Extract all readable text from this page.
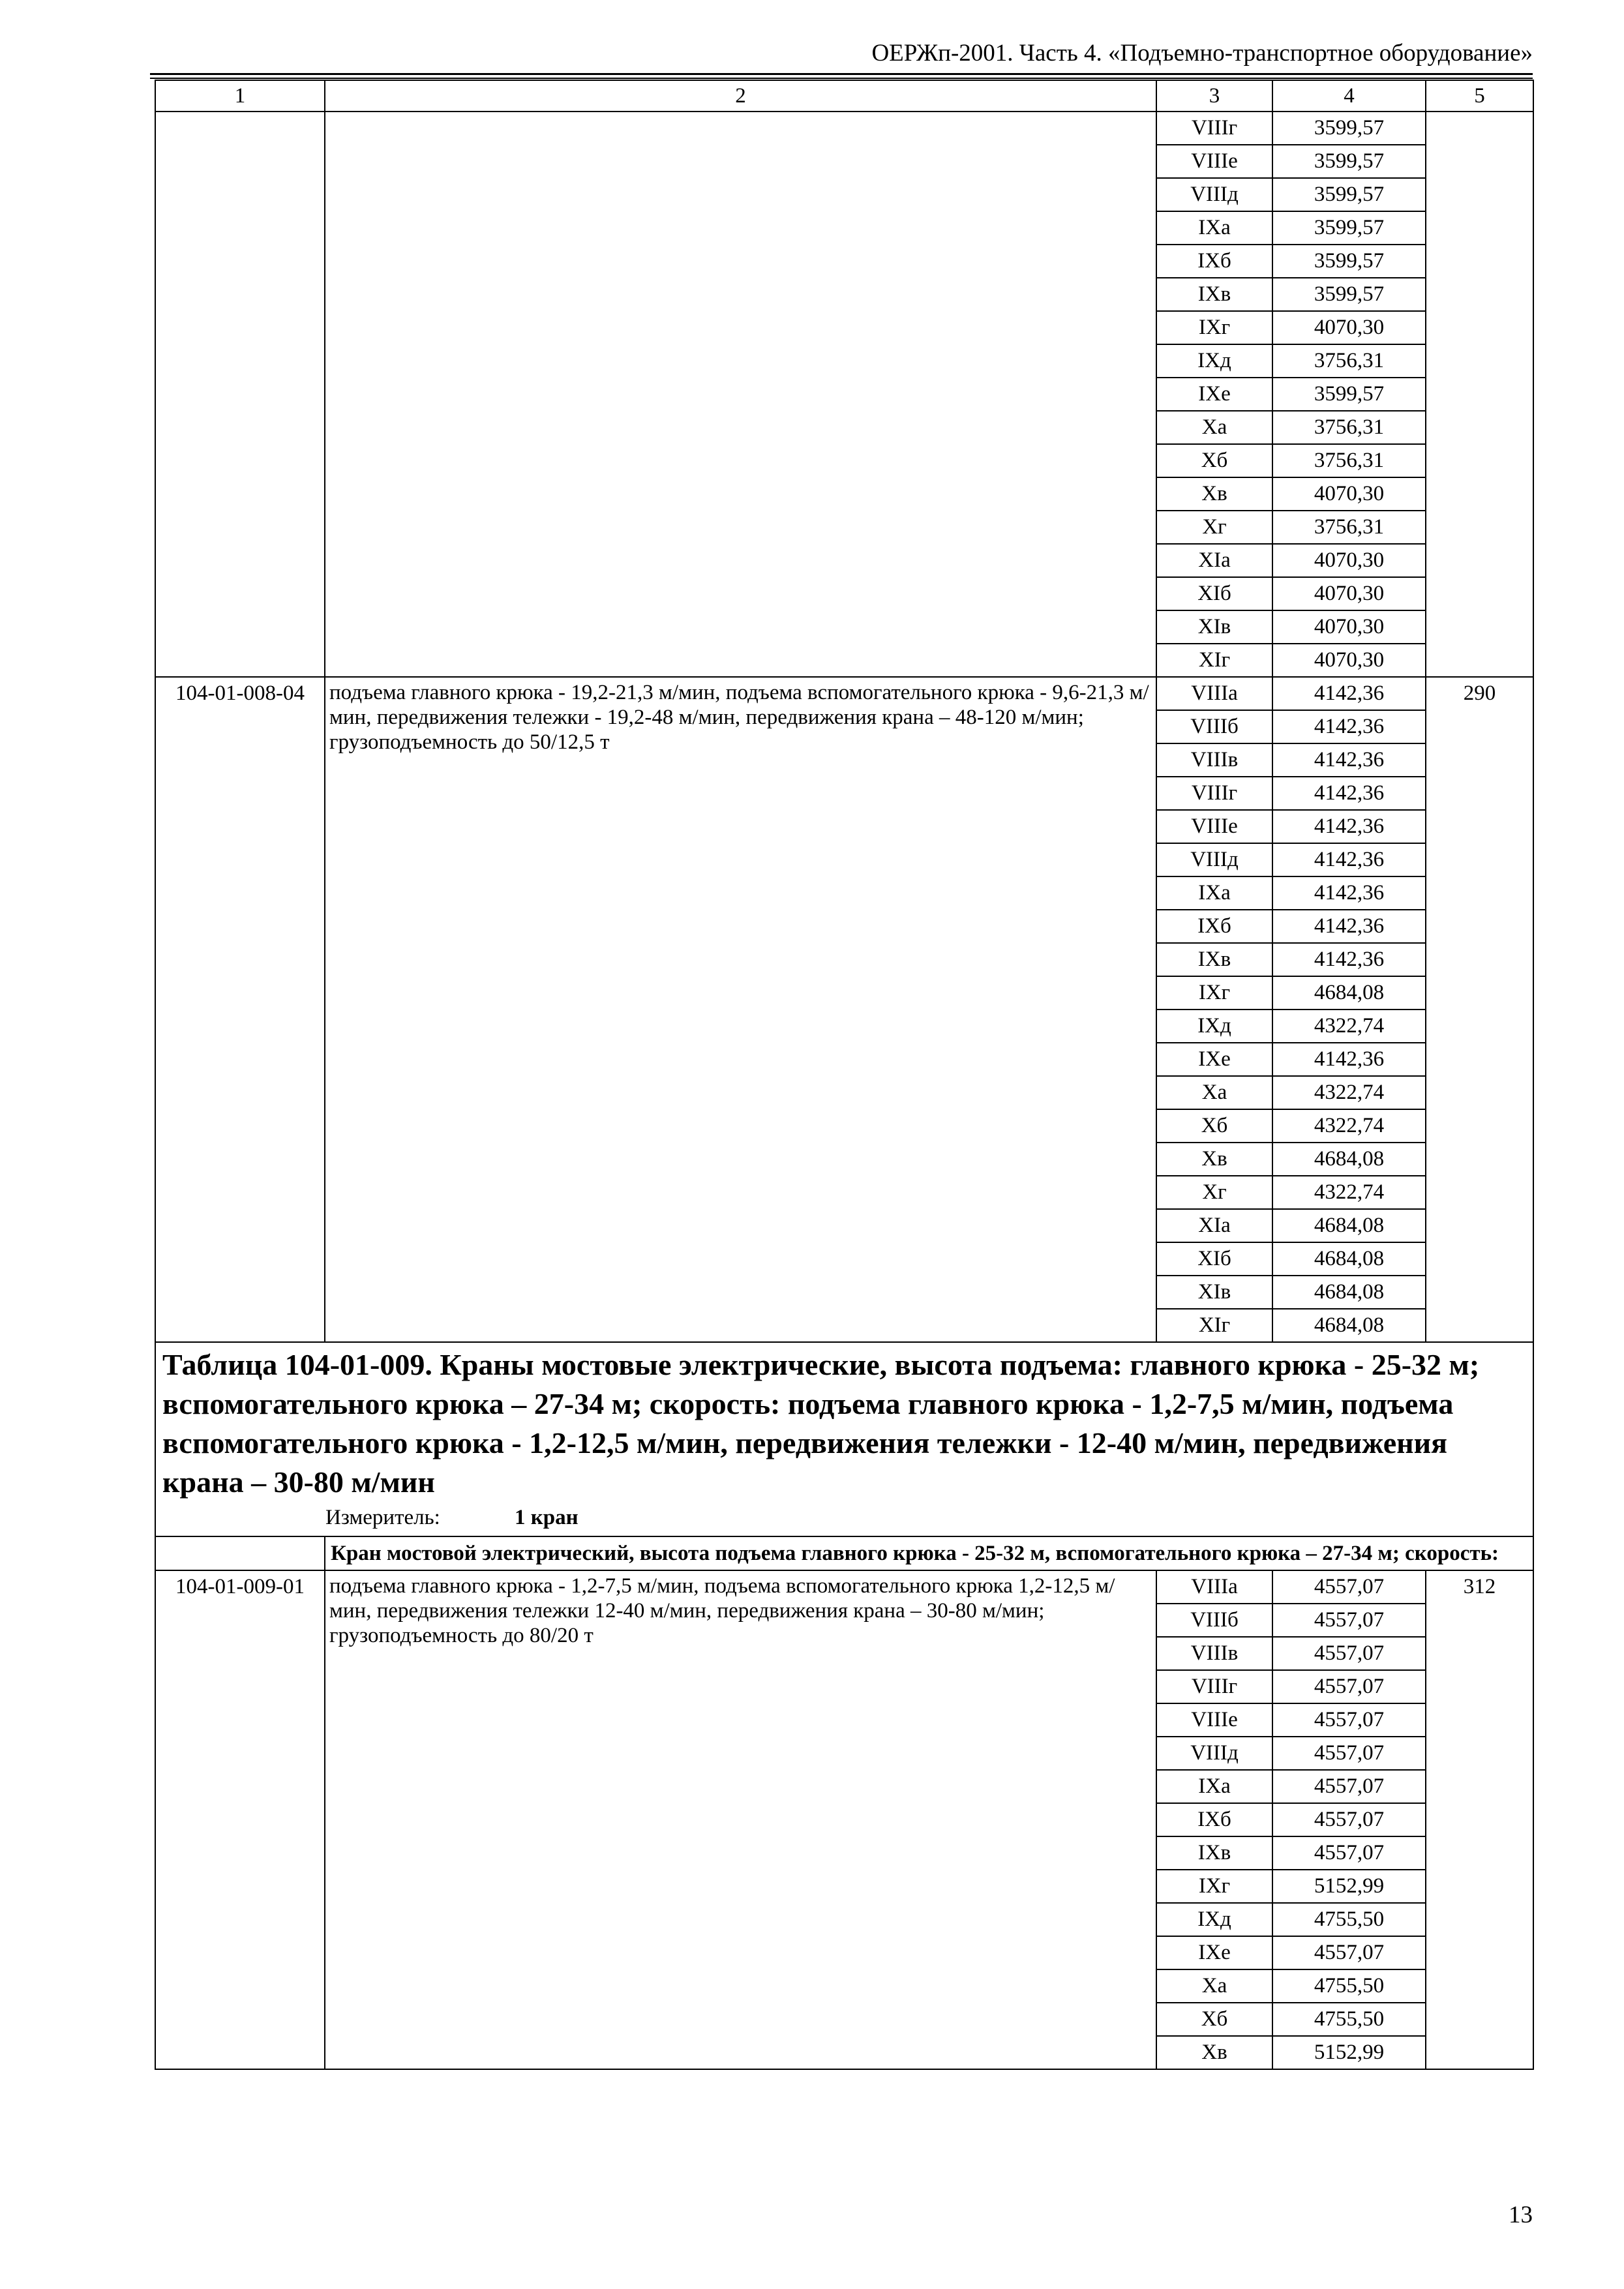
ОЕРЖп-2001. Часть 4. «Подъемно-транспортное оборудование»
1	2	3	4	5
		VIIIг	3599,57	
		VIIIе	3599,57	
		VIIIд	3599,57	
		IXа	3599,57	
		IXб	3599,57	
		IXв	3599,57	
		IXг	4070,30	
		IXд	3756,31	
		IXе	3599,57	
		Xа	3756,31	
		Xб	3756,31	
		Xв	4070,30	
		Xг	3756,31	
		XIа	4070,30	
		XIб	4070,30	
		XIв	4070,30	
		XIг	4070,30	
104-01-008-04	подъема главного крюка - 19,2-21,3 м/мин, подъема вспомогательного крюка - 9,6-21,3 м/мин, передвижения тележки - 19,2-48 м/мин, передвижения крана – 48-120 м/мин; грузоподъемность до 50/12,5 т	VIIIа	4142,36	290
		VIIIб	4142,36	
		VIIIв	4142,36	
		VIIIг	4142,36	
		VIIIе	4142,36	
		VIIIд	4142,36	
		IXа	4142,36	
		IXб	4142,36	
		IXв	4142,36	
		IXг	4684,08	
		IXд	4322,74	
		IXе	4142,36	
		Xа	4322,74	
		Xб	4322,74	
		Xв	4684,08	
		Xг	4322,74	
		XIа	4684,08	
		XIб	4684,08	
		XIв	4684,08	
		XIг	4684,08	

Таблица 104-01-009. Краны мостовые электрические, высота подъема: главного крюка - 25-32 м; вспомогательного крюка – 27-34 м; скорость: подъема главного крюка - 1,2-7,5 м/мин, подъема вспомогательного крюка - 1,2-12,5 м/мин, передвижения тележки - 12-40 м/мин, передвижения крана – 30-80 м/мин
Измеритель: 1 кран				

	Кран мостовой электрический, высота подъема главного крюка - 25-32 м, вспомогательного крюка – 27-34 м; скорость:			
104-01-009-01	подъема главного крюка - 1,2-7,5 м/мин, подъема вспомогательного крюка 1,2-12,5 м/мин, передвижения тележки 12-40 м/мин, передвижения крана – 30-80 м/мин; грузоподъемность до 80/20 т	VIIIа	4557,07	312
		VIIIб	4557,07	
		VIIIв	4557,07	
		VIIIг	4557,07	
		VIIIе	4557,07	
		VIIIд	4557,07	
		IXа	4557,07	
		IXб	4557,07	
		IXв	4557,07	
		IXг	5152,99	
		IXд	4755,50	
		IXе	4557,07	
		Xа	4755,50	
		Xб	4755,50	
		Xв	5152,99	
13
